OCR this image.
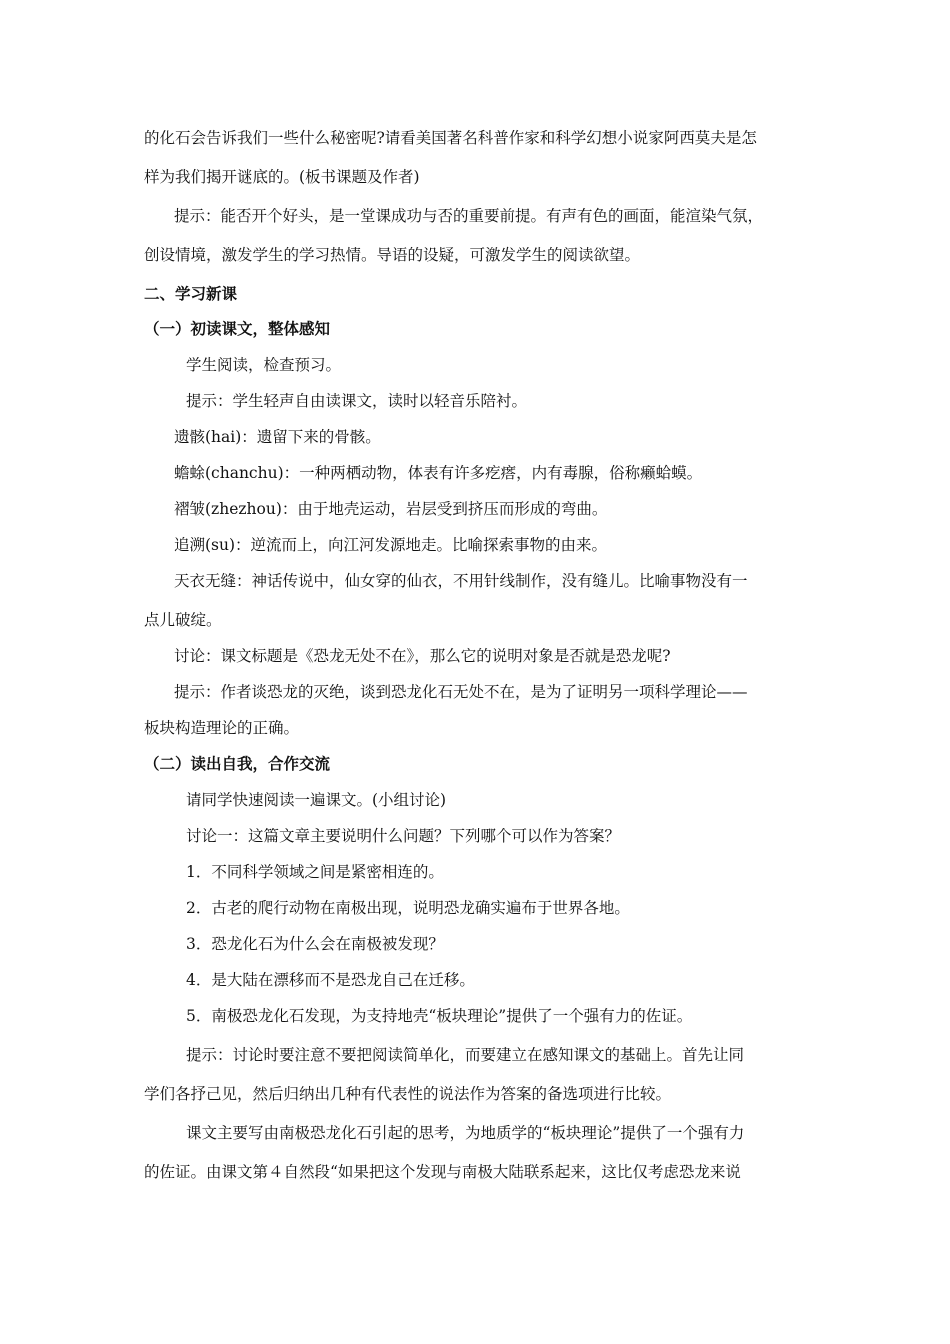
的化石会告诉我们一些什么秘密呢?请看美国著名科普作家和科学幻想小说家阿西莫夫是怎
样为我们揭开谜底的。(板书课题及作者)
提示：能否开个好头，是一堂课成功与否的重要前提。有声有色的画面，能渲染气氛，
创设情境，激发学生的学习热情。导语的设疑，可激发学生的阅读欲望。
二、学习新课
（一）初读课文，整体感知
学生阅读，检查预习。
提示：学生轻声自由读课文，读时以轻音乐陪衬。
遗骸(hai)：遗留下来的骨骸。
蟾蜍(chanchu)：一种两栖动物，体表有许多疙瘩，内有毒腺，俗称癞蛤蟆。
褶皱(zhezhou)：由于地壳运动，岩层受到挤压而形成的弯曲。
追溯(su)：逆流而上，向江河发源地走。比喻探索事物的由来。
天衣无缝：神话传说中，仙女穿的仙衣，不用针线制作，没有缝儿。比喻事物没有一
点儿破绽。
讨论：课文标题是《恐龙无处不在》，那么它的说明对象是否就是恐龙呢?
提示：作者谈恐龙的灭绝，谈到恐龙化石无处不在，是为了证明另一项科学理论——
板块构造理论的正确。
（二）读出自我，合作交流
请同学快速阅读一遍课文。(小组讨论)
讨论一：这篇文章主要说明什么问题？下列哪个可以作为答案？
1．不同科学领域之间是紧密相连的。
2．古老的爬行动物在南极出现，说明恐龙确实遍布于世界各地。
3．恐龙化石为什么会在南极被发现？
4．是大陆在漂移而不是恐龙自己在迁移。
5．南极恐龙化石发现，为支持地壳“板块理论”提供了一个强有力的佐证。
提示：讨论时要注意不要把阅读简单化，而要建立在感知课文的基础上。首先让同
学们各抒己见，然后归纳出几种有代表性的说法作为答案的备选项进行比较。
课文主要写由南极恐龙化石引起的思考，为地质学的“板块理论”提供了一个强有力
的佐证。由课文第４自然段“如果把这个发现与南极大陆联系起来，这比仅考虑恐龙来说
